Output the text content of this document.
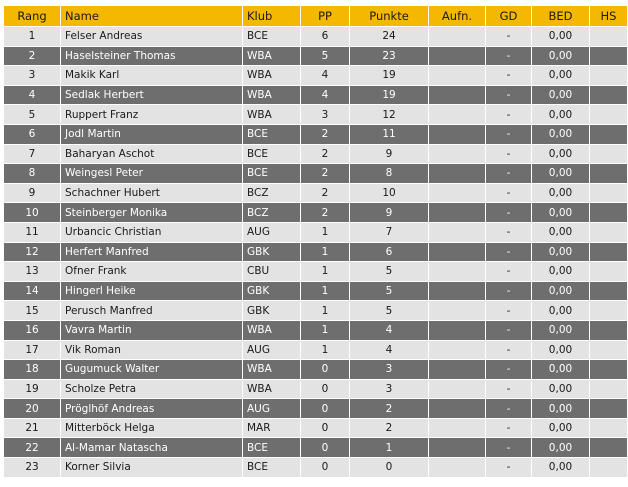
Rang	Name	Klub	PP	Punkte	Aufn.	GD	BED	HS
1	Felser Andreas	BCE	6	24		-	0,00	
2	Haselsteiner Thomas	WBA	5	23		-	0,00	
3	Makik Karl	WBA	4	19		-	0,00	
4	Sedlak Herbert	WBA	4	19		-	0,00	
5	Ruppert Franz	WBA	3	12		-	0,00	
6	Jodl Martin	BCE	2	11		-	0,00	
7	Baharyan Aschot	BCE	2	9		-	0,00	
8	Weingesl Peter	BCE	2	8		-	0,00	
9	Schachner Hubert	BCZ	2	10		-	0,00	
10	Steinberger Monika	BCZ	2	9		-	0,00	
11	Urbancic Christian	AUG	1	7		-	0,00	
12	Herfert Manfred	GBK	1	6		-	0,00	
13	Ofner Frank	CBU	1	5		-	0,00	
14	Hingerl Heike	GBK	1	5		-	0,00	
15	Perusch Manfred	GBK	1	5		-	0,00	
16	Vavra Martin	WBA	1	4		-	0,00	
17	Vik Roman	AUG	1	4		-	0,00	
18	Gugumuck Walter	WBA	0	3		-	0,00	
19	Scholze Petra	WBA	0	3		-	0,00	
20	Pröglhöf Andreas	AUG	0	2		-	0,00	
21	Mitterböck Helga	MAR	0	2		-	0,00	
22	Al-Mamar Natascha	BCE	0	1		-	0,00	
23	Korner Silvia	BCE	0	0		-	0,00	
